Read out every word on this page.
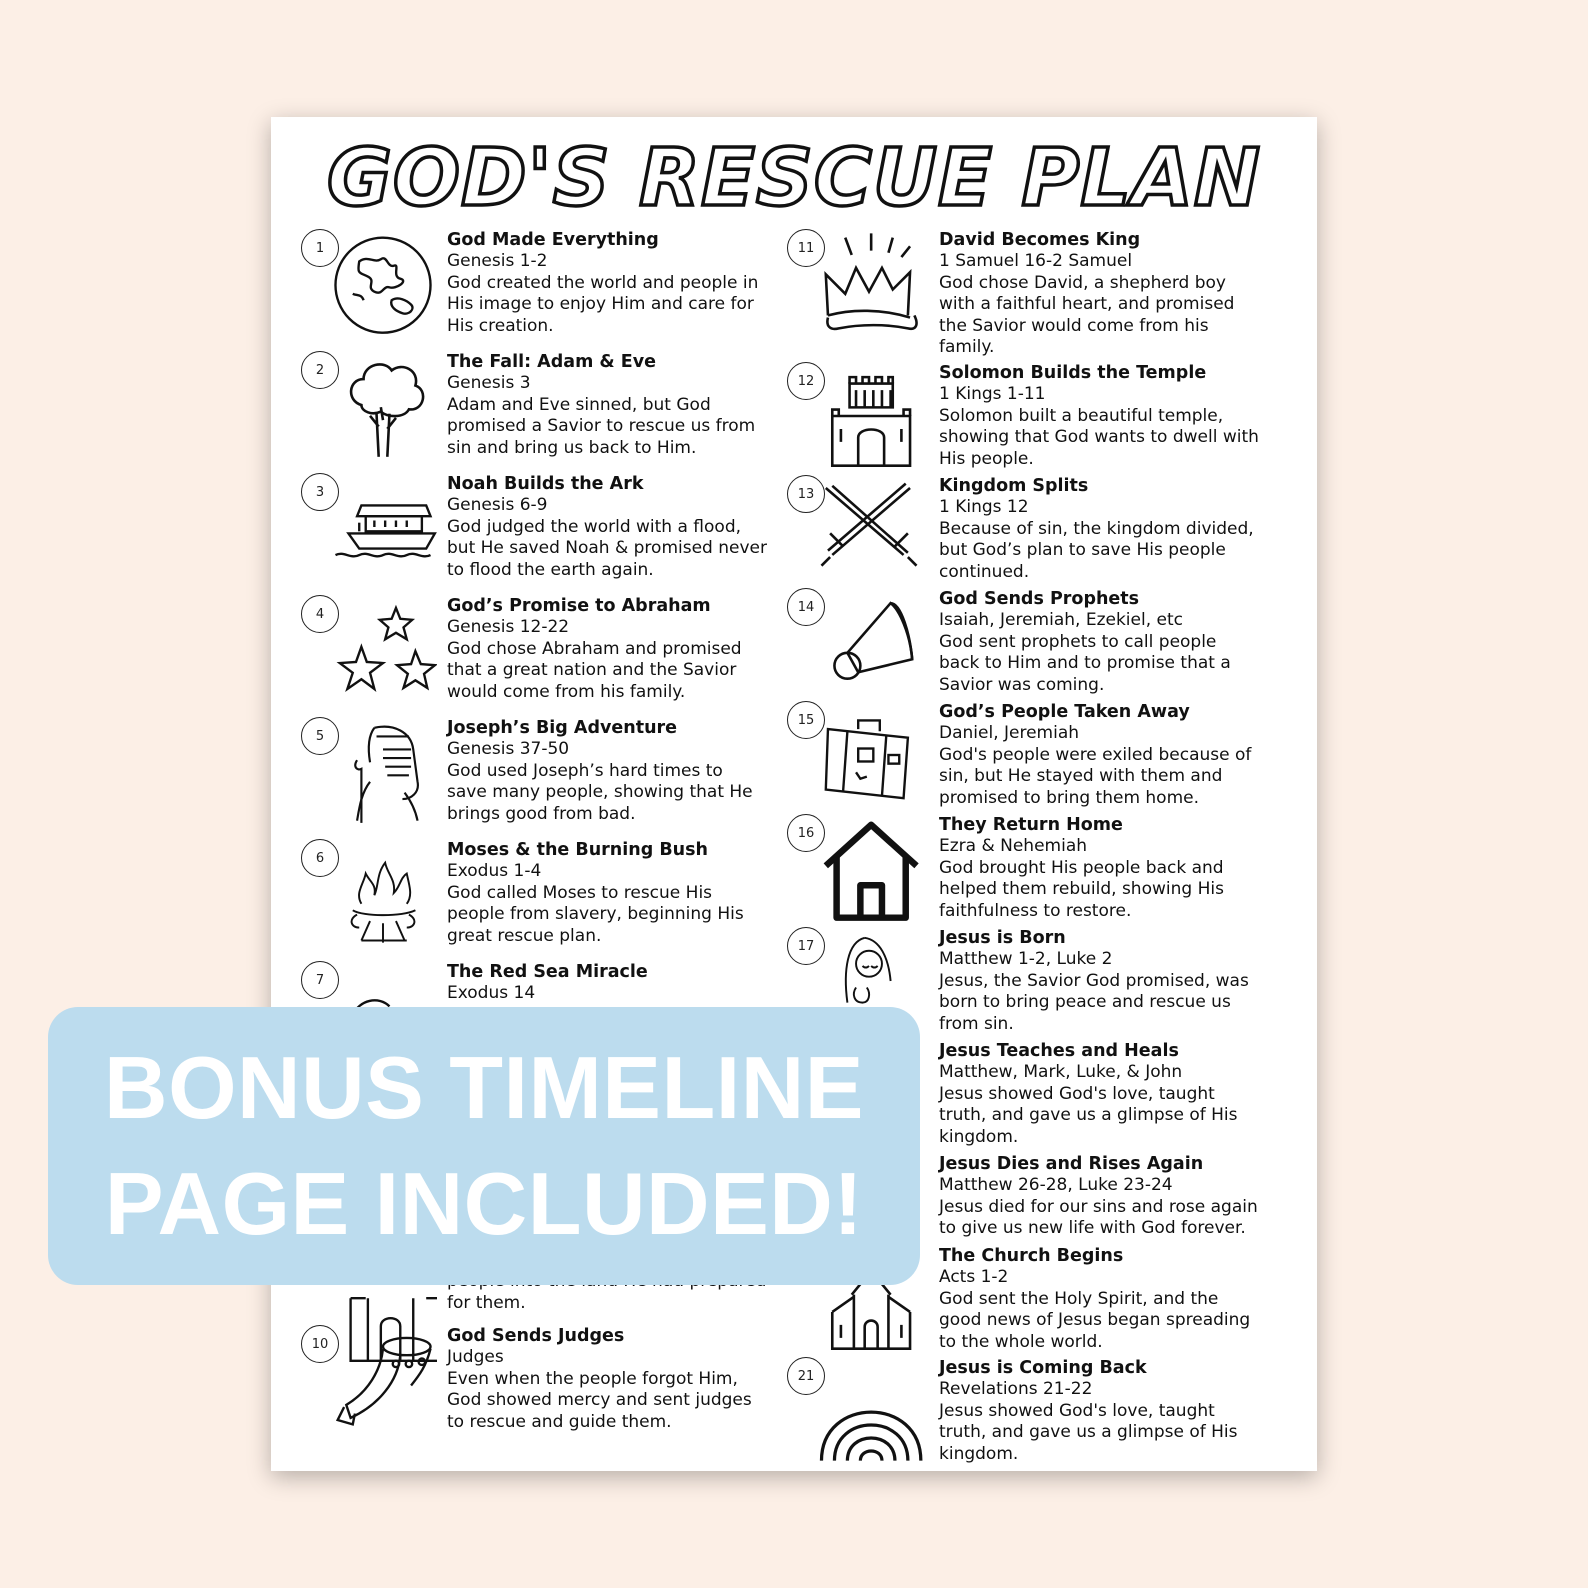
GOD'S RESCUE PLAN
1	God Made Everything
Genesis 1-2
God created the world and people in His image to enjoy Him and care for His creation.
2	The Fall: Adam & Eve
Genesis 3
Adam and Eve sinned, but God promised a Savior to rescue us from sin and bring us back to Him.
3	Noah Builds the Ark
Genesis 6-9
God judged the world with a flood, but He saved Noah & promised never to flood the earth again.
4	God’s Promise to Abraham
Genesis 12-22
God chose Abraham and promised that a great nation and the Savior would come from his family.
5	Joseph’s Big Adventure
Genesis 37-50
God used Joseph’s hard times to save many people, showing that He brings good from bad.
6	Moses & the Burning Bush
Exodus 1-4
God called Moses to rescue His people from slavery, beginning His great rescue plan.
7	The Red Sea Miracle
Exodus 14
for them.
10	God Sends Judges
Judges
Even when the people forgot Him, God showed mercy and sent judges to rescue and guide them.
11	David Becomes King
1 Samuel 16-2 Samuel
God chose David, a shepherd boy with a faithful heart, and promised the Savior would come from his family.
12	Solomon Builds the Temple
1 Kings 1-11
Solomon built a beautiful temple, showing that God wants to dwell with His people.
13	Kingdom Splits
1 Kings 12
Because of sin, the kingdom divided, but God’s plan to save His people continued.
14	God Sends Prophets
Isaiah, Jeremiah, Ezekiel, etc
God sent prophets to call people back to Him and to promise that a Savior was coming.
15	God’s People Taken Away
Daniel, Jeremiah
God's people were exiled because of sin, but He stayed with them and promised to bring them home.
16	They Return Home
Ezra & Nehemiah
God brought His people back and helped them rebuild, showing His faithfulness to restore.
17	Jesus is Born
Matthew 1-2, Luke 2
Jesus, the Savior God promised, was born to bring peace and rescue us from sin.
Jesus Teaches and Heals
Matthew, Mark, Luke, & John
Jesus showed God's love, taught truth, and gave us a glimpse of His kingdom.
Jesus Dies and Rises Again
Matthew 26-28, Luke 23-24
Jesus died for our sins and rose again to give us new life with God forever.
The Church Begins
Acts 1-2
God sent the Holy Spirit, and the good news of Jesus began spreading to the whole world.
21	Jesus is Coming Back
Revelations 21-22
Jesus showed God's love, taught truth, and gave us a glimpse of His kingdom.
BONUS TIMELINE
PAGE INCLUDED!
